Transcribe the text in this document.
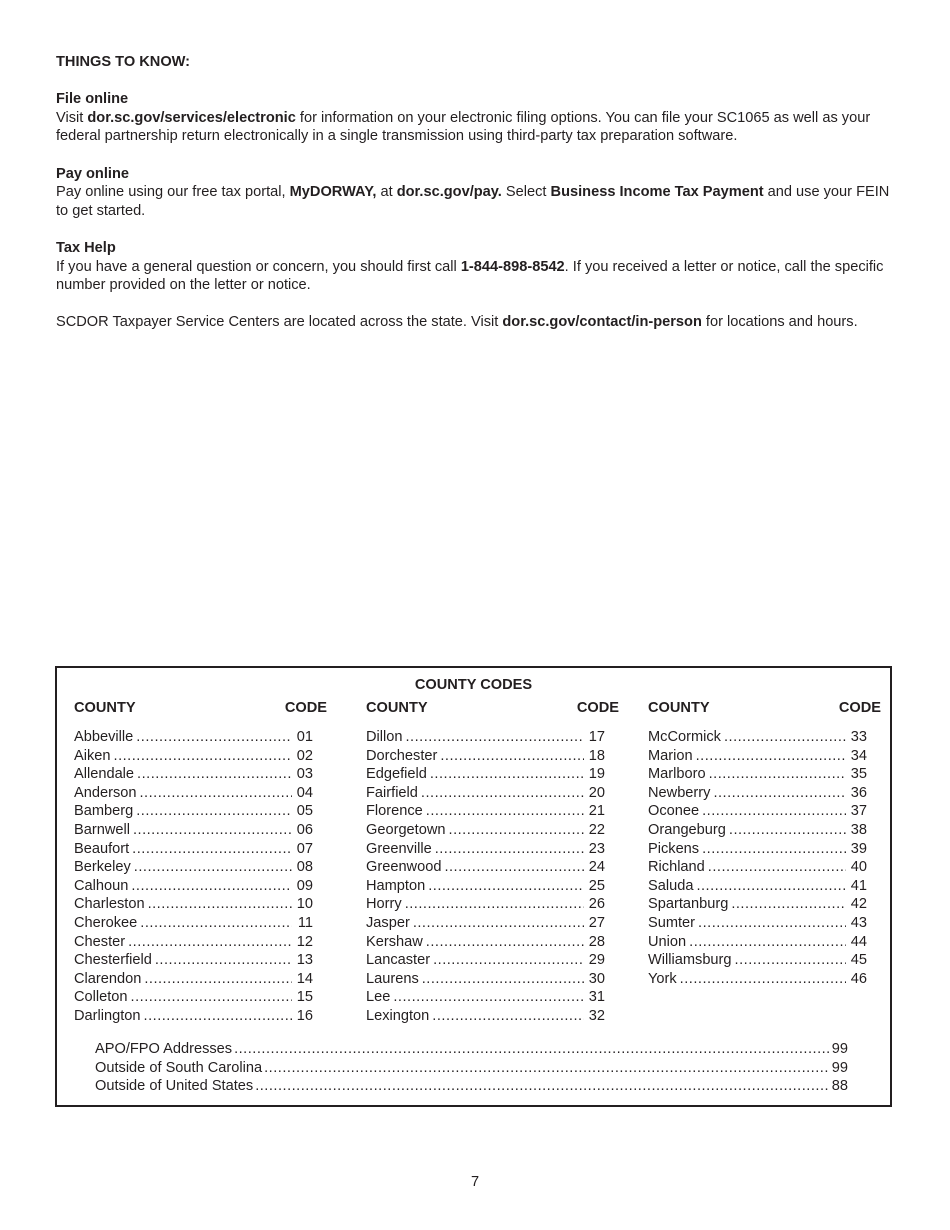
THINGS TO KNOW:

File online

Visit dor.sc.gov/services/electronic for information on your electronic filing options. You can file your SC1065 as well as your federal partnership return electronically in a single transmission using third-party tax preparation software.

Pay online

Pay online using our free tax portal, MyDORWAY, at dor.sc.gov/pay. Select Business Income Tax Payment and use your FEIN to get started.

Tax Help

If you have a general question or concern, you should first call 1-844-898-8542. If you received a letter or notice, call the specific number provided on the letter or notice.

SCDOR Taxpayer Service Centers are located across the state. Visit dor.sc.gov/contact/in-person for locations and hours.

COUNTY CODES
COUNTY	CODE
Abbeville .....	01
Aiken .....	02
Allendale .....	03
Anderson .....	04
Bamberg .....	05
Barnwell .....	06
Beaufort .....	07
Berkeley .....	08
Calhoun .....	09
Charleston .....	10
Cherokee .....	11
Chester .....	12
Chesterfield .....	13
Clarendon .....	14
Colleton .....	15
Darlington .....	16
COUNTY	CODE
Dillon .....	17
Dorchester .....	18
Edgefield .....	19
Fairfield .....	20
Florence .....	21
Georgetown .....	22
Greenville .....	23
Greenwood .....	24
Hampton .....	25
Horry .....	26
Jasper .....	27
Kershaw .....	28
Lancaster .....	29
Laurens .....	30
Lee .....	31
Lexington .....	32
COUNTY	CODE
McCormick .....	33
Marion .....	34
Marlboro .....	35
Newberry .....	36
Oconee .....	37
Orangeburg .....	38
Pickens .....	39
Richland .....	40
Saluda .....	41
Spartanburg .....	42
Sumter .....	43
Union .....	44
Williamsburg .....	45
York .....	46
APO/FPO Addresses .....	99
Outside of South Carolina .....	99
Outside of United States .....	88
7
